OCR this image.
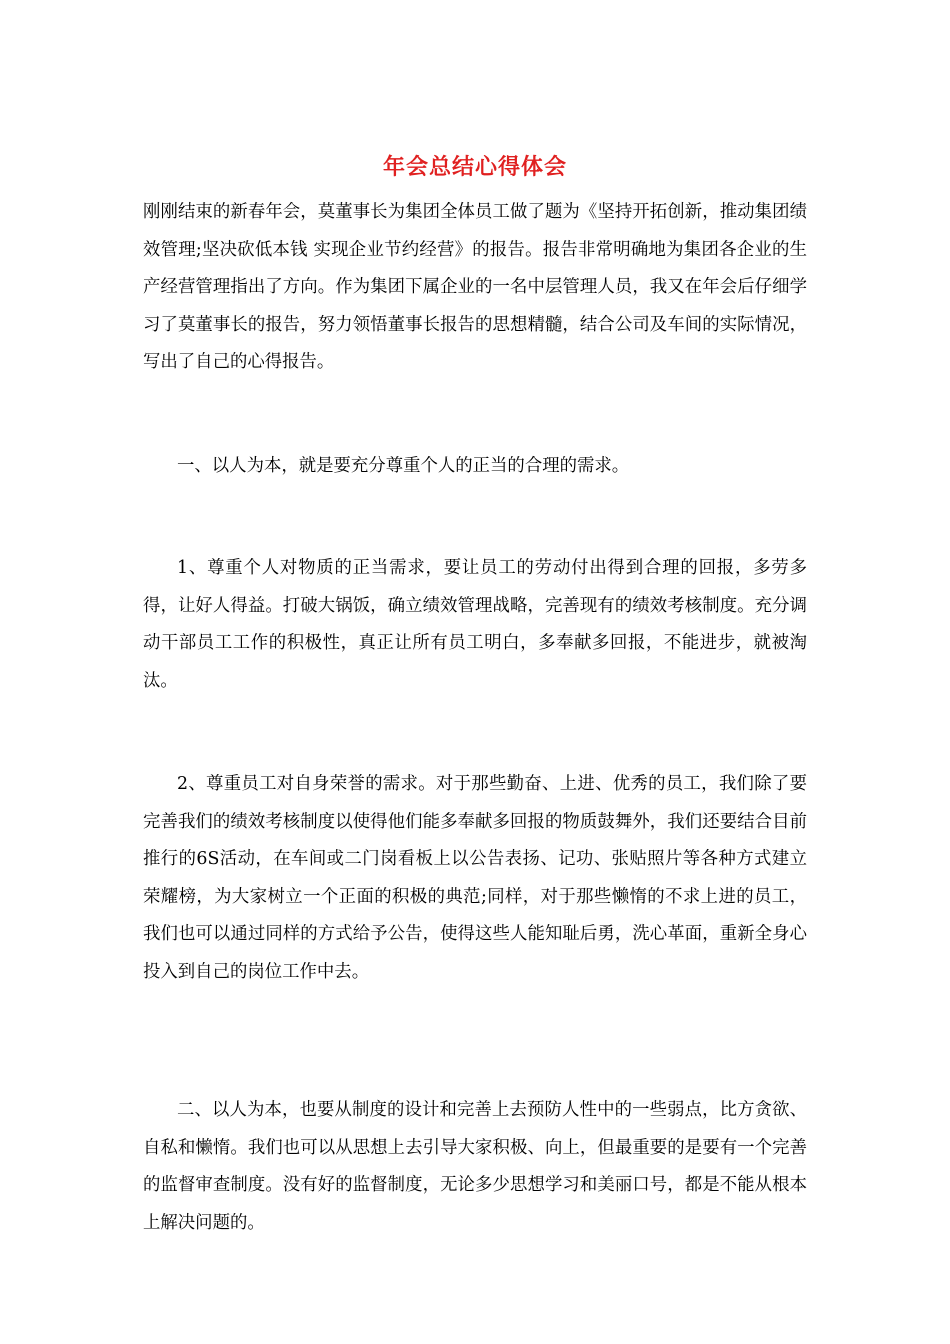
年会总结心得体会

刚刚结束的新春年会，莫董事长为集团全体员工做了题为《坚持开拓创新，推动集团绩效管理;坚决砍低本钱 实现企业节约经营》的报告。报告非常明确地为集团各企业的生产经营管理指出了方向。作为集团下属企业的一名中层管理人员，我又在年会后仔细学习了莫董事长的报告，努力领悟董事长报告的思想精髓，结合公司及车间的实际情况，写出了自己的心得报告。

一、以人为本，就是要充分尊重个人的正当的合理的需求。

1、尊重个人对物质的正当需求，要让员工的劳动付出得到合理的回报，多劳多得，让好人得益。打破大锅饭，确立绩效管理战略，完善现有的绩效考核制度。充分调动干部员工工作的积极性，真正让所有员工明白，多奉献多回报，不能进步，就被淘汰。

2、尊重员工对自身荣誉的需求。对于那些勤奋、上进、优秀的员工，我们除了要完善我们的绩效考核制度以使得他们能多奉献多回报的物质鼓舞外，我们还要结合目前推行的6S活动，在车间或二门岗看板上以公告表扬、记功、张贴照片等各种方式建立荣耀榜，为大家树立一个正面的积极的典范;同样，对于那些懒惰的不求上进的员工，我们也可以通过同样的方式给予公告，使得这些人能知耻后勇，洗心革面，重新全身心投入到自己的岗位工作中去。

二、以人为本，也要从制度的设计和完善上去预防人性中的一些弱点，比方贪欲、自私和懒惰。我们也可以从思想上去引导大家积极、向上，但最重要的是要有一个完善的监督审查制度。没有好的监督制度，无论多少思想学习和美丽口号，都是不能从根本上解决问题的。
